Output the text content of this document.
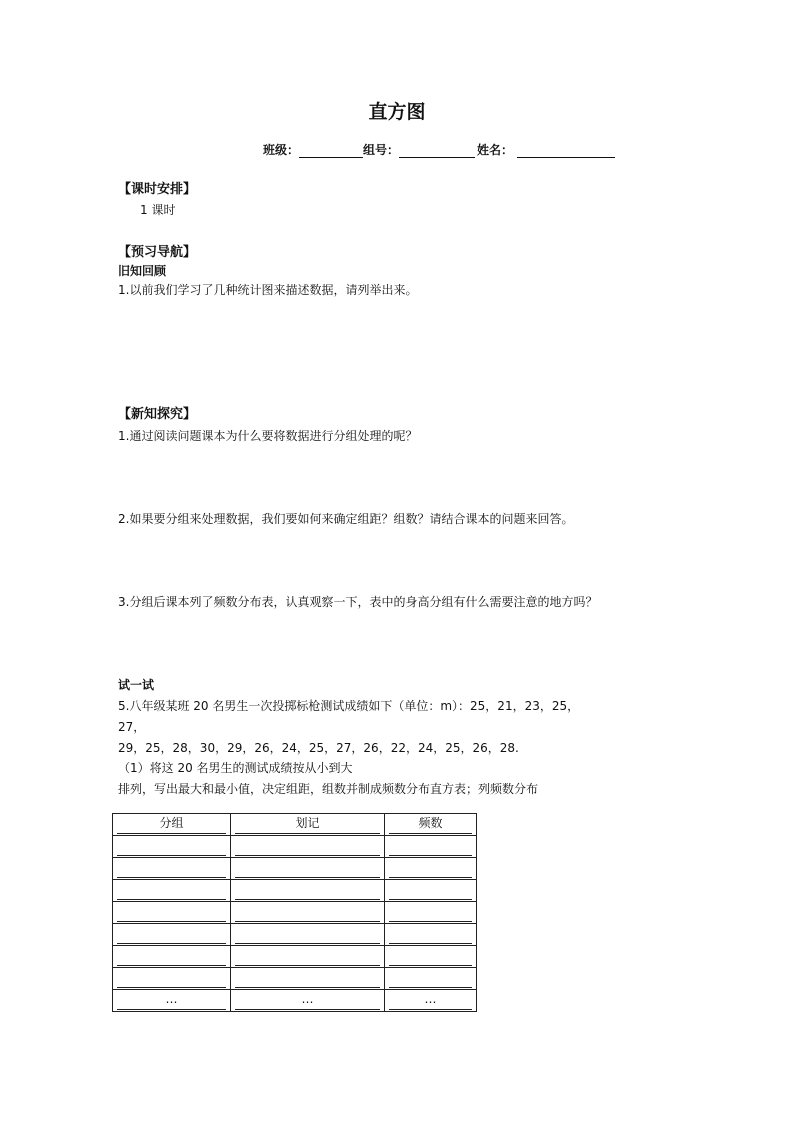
直方图
班级：	组号：	姓名：
【课时安排】
1 课时
【预习导航】
旧知回顾
1.以前我们学习了几种统计图来描述数据，请列举出来。
【新知探究】
1.通过阅读问题课本为什么要将数据进行分组处理的呢？
2.如果要分组来处理数据，我们要如何来确定组距？组数？请结合课本的问题来回答。
3.分组后课本列了频数分布表，认真观察一下，表中的身高分组有什么需要注意的地方吗？
试一试
5.八年级某班 20 名男生一次投掷标枪测试成绩如下（单位：m）：25，21，23，25，
27，
29，25，28，30，29，26，24，25，27，26，22，24，25，26，28.
（1）将这 20 名男生的测试成绩按从小到大
排列，写出最大和最小值，决定组距，组数并制成频数分布直方表；列频数分布
分组	划记	频数

…	…	…
